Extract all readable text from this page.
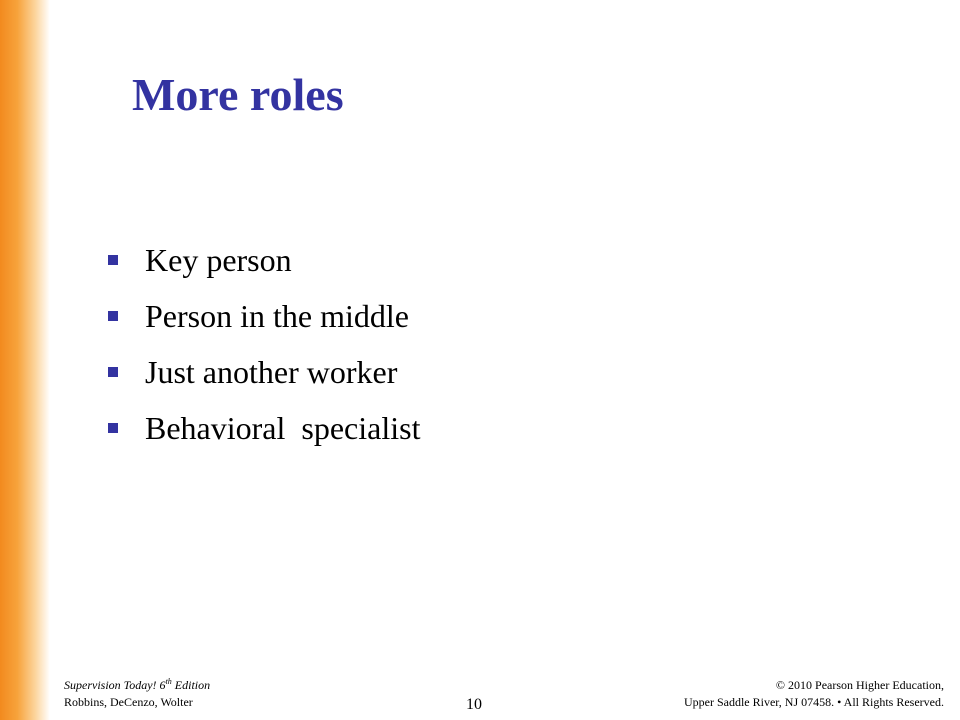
More roles
Key person
Person in the middle
Just another worker
Behavioral  specialist
Supervision Today! 6th Edition
Robbins, DeCenzo, Wolter	10
© 2010 Pearson Higher Education,
Upper Saddle River, NJ 07458. • All Rights Reserved.
